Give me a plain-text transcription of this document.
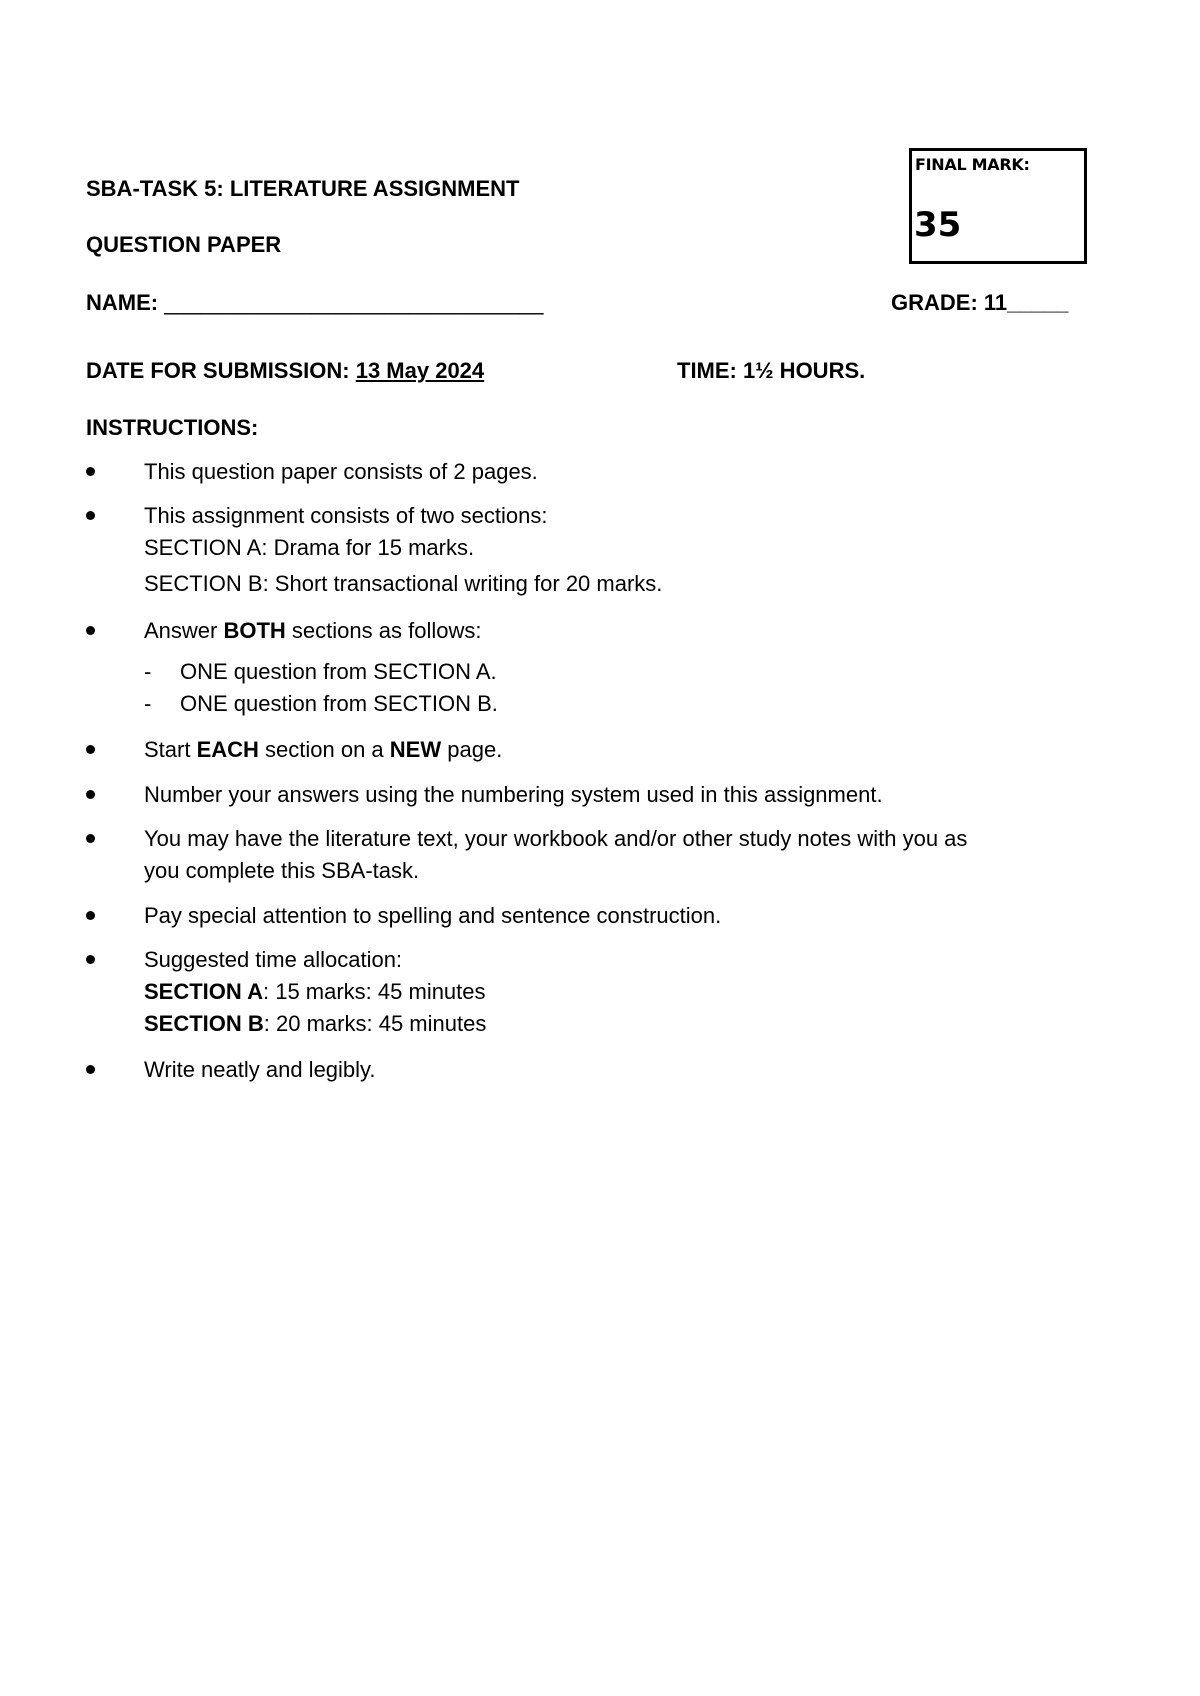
FINAL MARK:
35
SBA-TASK 5: LITERATURE ASSIGNMENT
QUESTION PAPER
NAME: _______________________________	GRADE: 11_____
DATE FOR SUBMISSION: 13 May 2024	TIME: 1½ HOURS.
INSTRUCTIONS:
This question paper consists of 2 pages.
This assignment consists of two sections:
SECTION A: Drama for 15 marks.
SECTION B: Short transactional writing for 20 marks.
Answer BOTH sections as follows:
- ONE question from SECTION A.
- ONE question from SECTION B.
Start EACH section on a NEW page.
Number your answers using the numbering system used in this assignment.
You may have the literature text, your workbook and/or other study notes with you as
you complete this SBA-task.
Pay special attention to spelling and sentence construction.
Suggested time allocation:
SECTION A: 15 marks: 45 minutes
SECTION B: 20 marks: 45 minutes
Write neatly and legibly.
